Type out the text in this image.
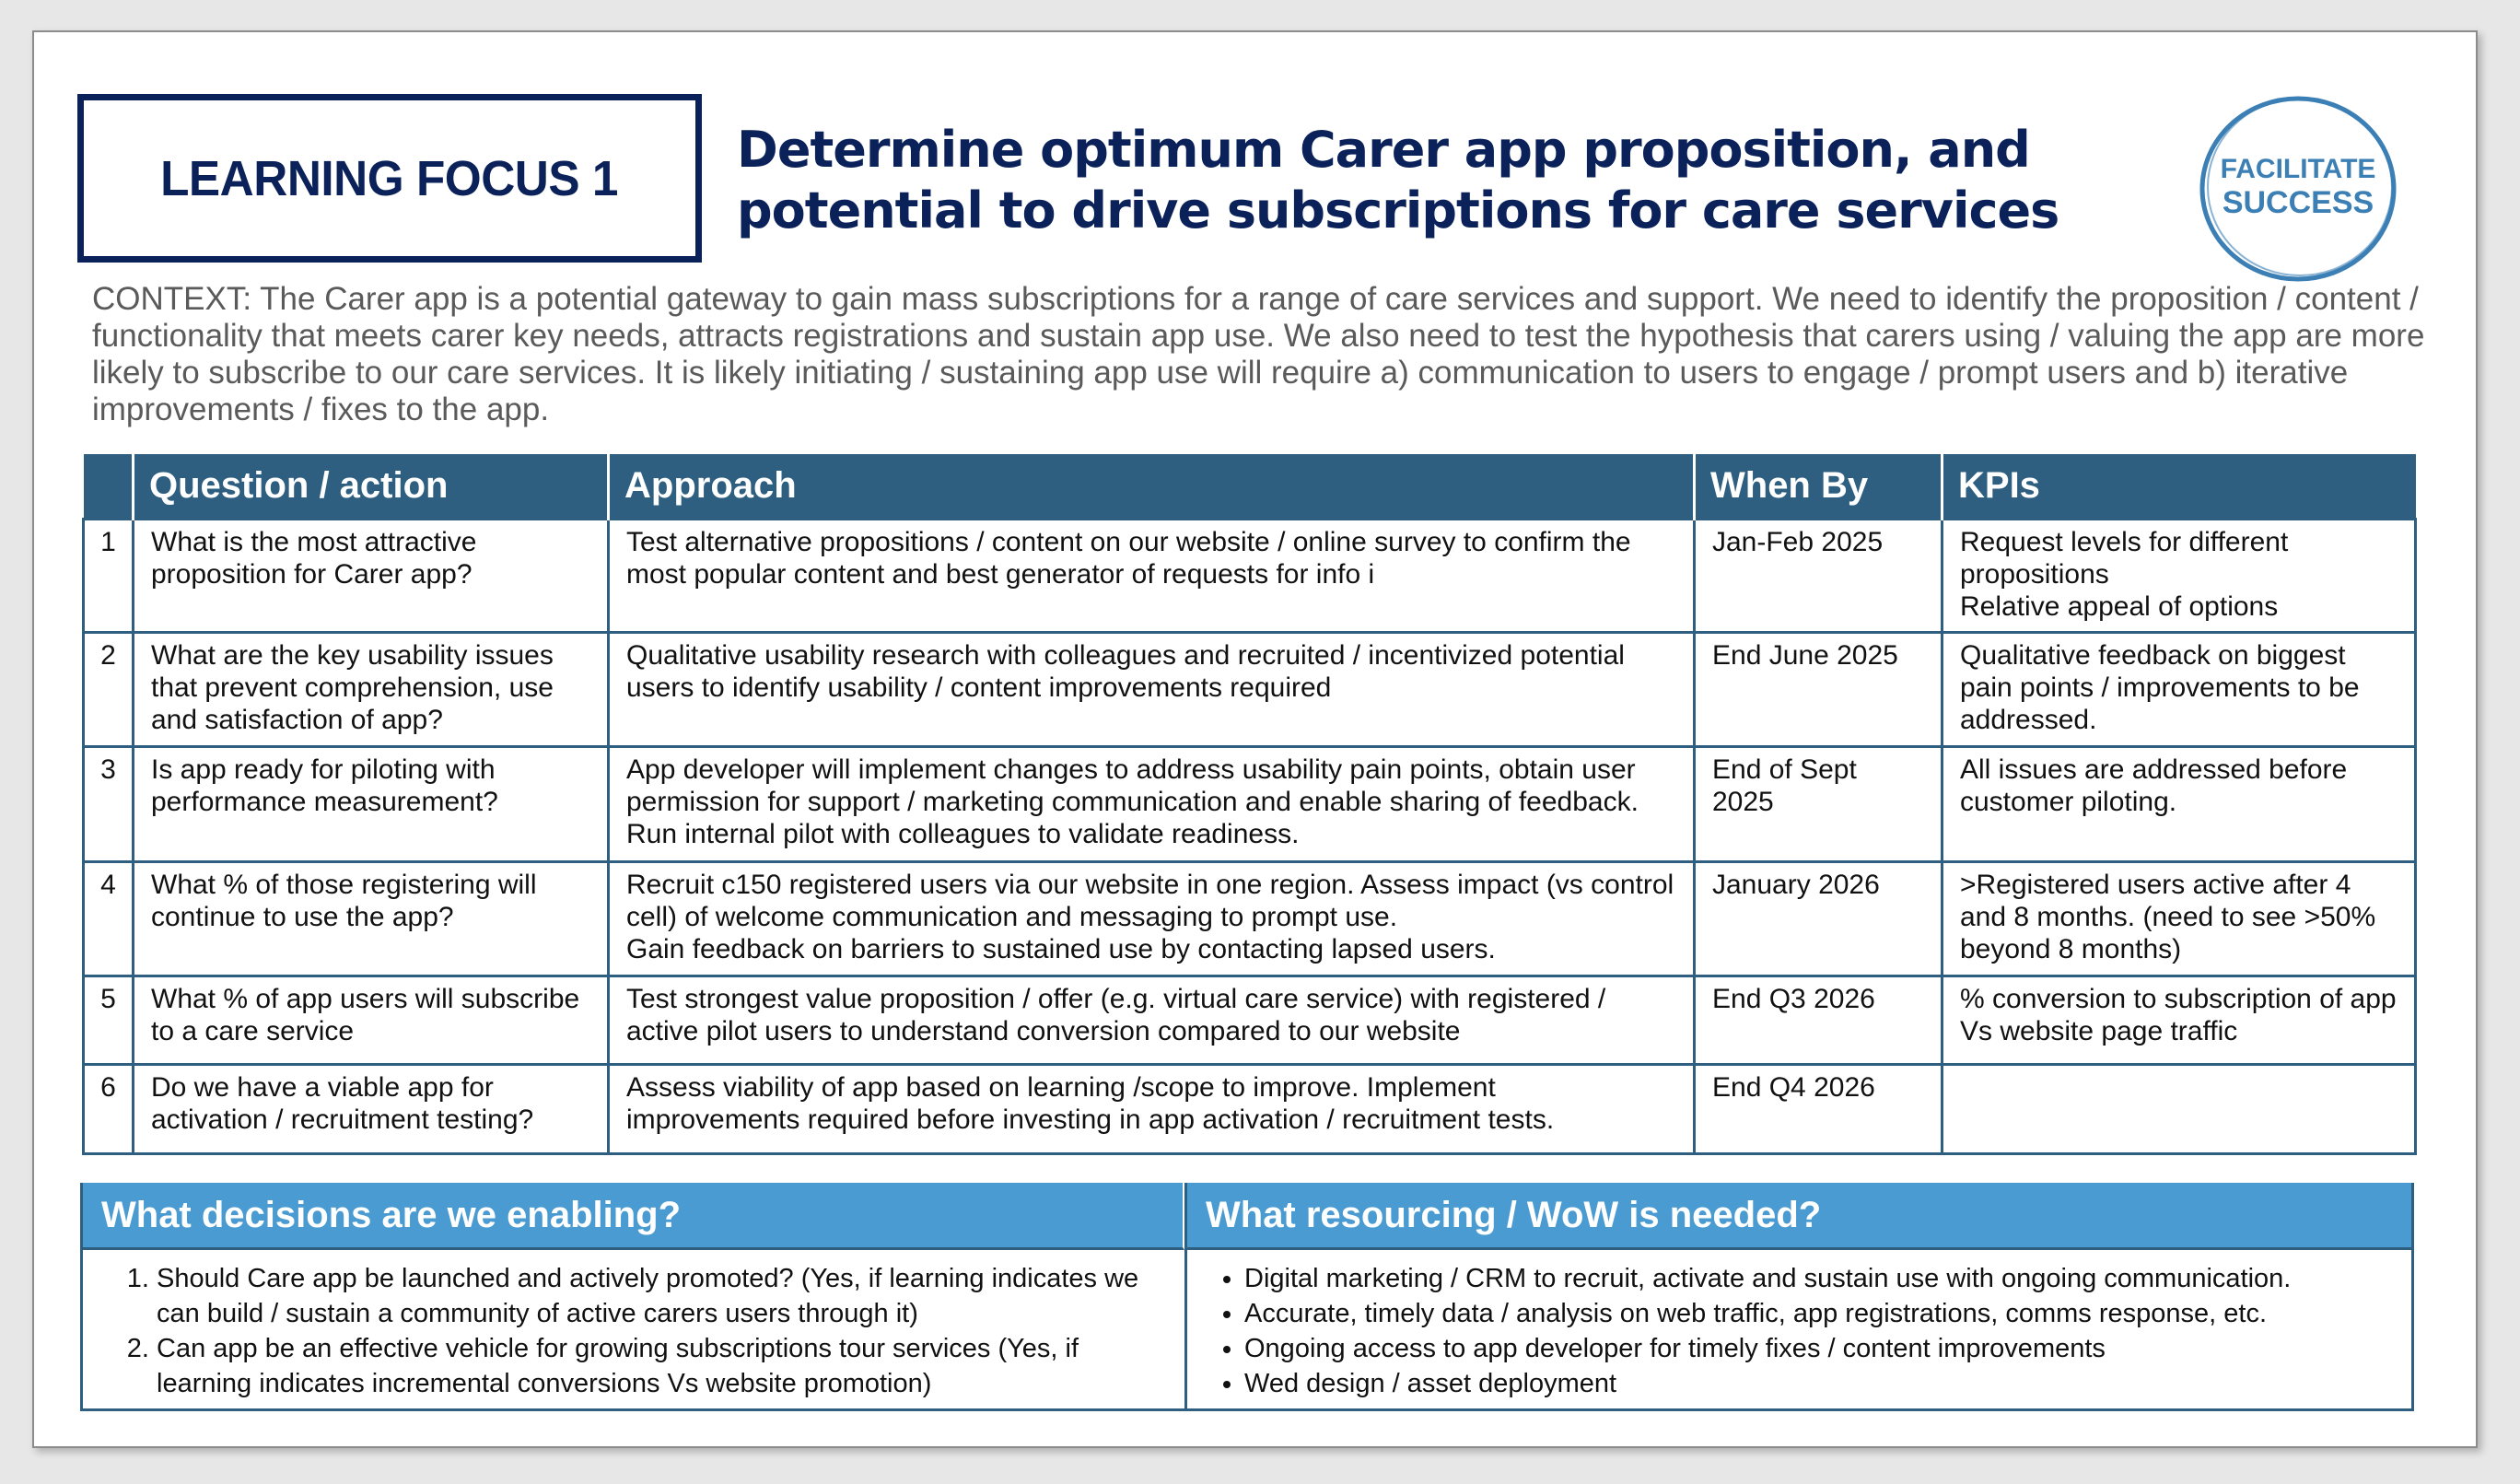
LEARNING FOCUS 1 Determine optimum Carer app proposition, and potential to drive subscriptions for care services
FACILITATE
SUCCESS
CONTEXT: The Carer app is a potential gateway to gain mass subscriptions for a range of care services and support. We need to identify the proposition / content / functionality that meets carer key needs, attracts registrations and sustain app use. We also need to test the hypothesis that carers using / valuing the app are more likely to subscribe to our care services. It is likely initiating / sustaining app use will require a) communication to users to engage / prompt users and b) iterative improvements / fixes to the app.
	Question / action	Approach	When By	KPIs
1	What is the most attractive proposition for Carer app?	Test alternative propositions / content on our website / online survey to confirm the most popular content and best generator of requests for info i	Jan-Feb 2025	Request levels for different propositions
Relative appeal of options

2	What are the key usability issues that prevent comprehension, use and satisfaction of app?	Qualitative usability research with colleagues and recruited / incentivized potential users to identify usability / content improvements required	End June 2025	Qualitative feedback on biggest pain points / improvements to be addressed.

3	Is app ready for piloting with performance measurement?	App developer will implement changes to address usability pain points, obtain user permission for support / marketing communication and enable sharing of feedback. Run internal pilot with colleagues to validate readiness.	End of Sept 2025	All issues are addressed before customer piloting.

4	What % of those registering will continue to use the app?	Recruit c150 registered users via our website in one region. Assess impact (vs control cell) of welcome communication and messaging to prompt use.
Gain feedback on barriers to sustained use by contacting lapsed users.	January 2026	>Registered users active after 4 and 8 months. (need to see >50% beyond 8 months)

5	What % of app users will subscribe to a care service	Test strongest value proposition / offer (e.g. virtual care service) with registered / active pilot users to understand conversion compared to our website	End Q3 2026	% conversion to subscription of app Vs website page traffic

6	Do we have a viable app for activation / recruitment testing?	Assess viability of app based on learning /scope to improve. Implement improvements required before investing in app activation / recruitment tests.	End Q4 2026	
What decisions are we enabling?
1. Should Care app be launched and actively promoted? (Yes, if learning indicates we can build / sustain a community of active carers users through it)
2. Can app be an effective vehicle for growing subscriptions tour services (Yes, if learning indicates incremental conversions Vs website promotion)
What resourcing / WoW is needed?
• Digital marketing / CRM to recruit, activate and sustain use with ongoing communication.
• Accurate, timely data / analysis on web traffic, app registrations, comms response, etc.
• Ongoing access to app developer for timely fixes / content improvements
• Wed design / asset deployment
